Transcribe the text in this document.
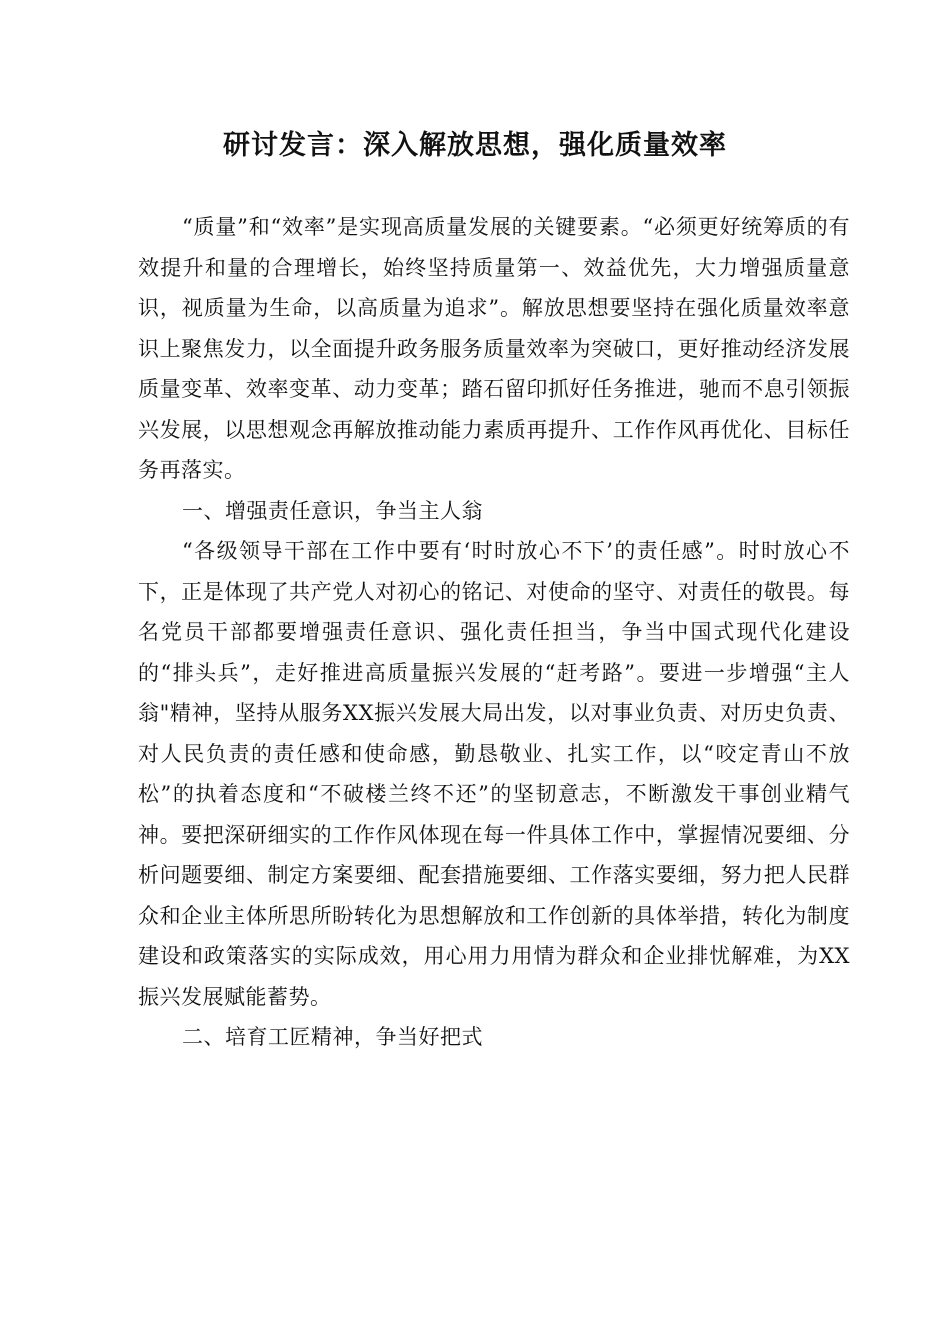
研讨发言：深入解放思想，强化质量效率

“质量”和“效率”是实现高质量发展的关键要素。“必须更好统筹质的有效提升和量的合理增长，始终坚持质量第一、效益优先，大力增强质量意识，视质量为生命，以高质量为追求”。解放思想要坚持在强化质量效率意识上聚焦发力，以全面提升政务服务质量效率为突破口，更好推动经济发展质量变革、效率变革、动力变革；踏石留印抓好任务推进，驰而不息引领振兴发展，以思想观念再解放推动能力素质再提升、工作作风再优化、目标任务再落实。

一、增强责任意识，争当主人翁

“各级领导干部在工作中要有‘时时放心不下’的责任感”。时时放心不下，正是体现了共产党人对初心的铭记、对使命的坚守、对责任的敬畏。每名党员干部都要增强责任意识、强化责任担当，争当中国式现代化建设的“排头兵”，走好推进高质量振兴发展的“赶考路”。要进一步增强“主人翁"精神，坚持从服务XX振兴发展大局出发，以对事业负责、对历史负责、对人民负责的责任感和使命感，勤恳敬业、扎实工作，以“咬定青山不放松”的执着态度和“不破楼兰终不还”的坚韧意志，不断激发干事创业精气神。要把深研细实的工作作风体现在每一件具体工作中，掌握情况要细、分析问题要细、制定方案要细、配套措施要细、工作落实要细，努力把人民群众和企业主体所思所盼转化为思想解放和工作创新的具体举措，转化为制度建设和政策落实的实际成效，用心用力用情为群众和企业排忧解难，为XX振兴发展赋能蓄势。

二、培育工匠精神，争当好把式
